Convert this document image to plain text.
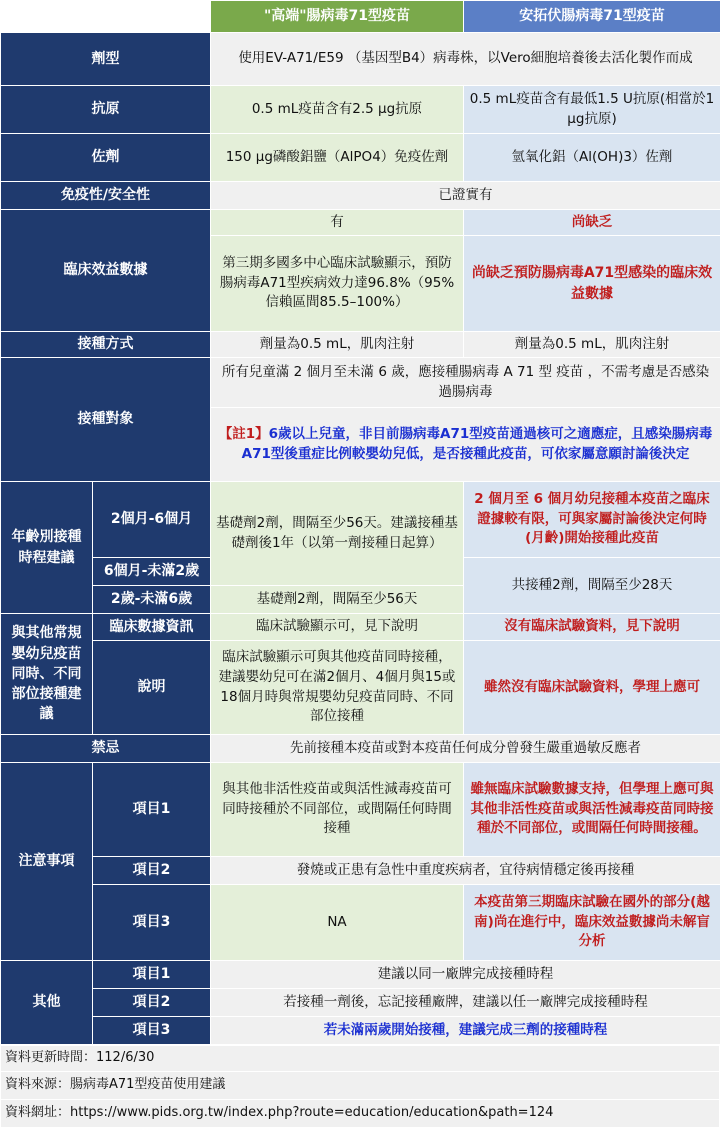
		"高端"腸病毒71型疫苗	安拓伏腸病毒71型疫苗
劑型		使用EV-A71/E59 （基因型B4）病毒株，以Vero細胞培養後去活化製作而成	
抗原		0.5 mL疫苗含有2.5 μg抗原	0.5 mL疫苗含有最低1.5 U抗原(相當於1 μg抗原)
佐劑		150 μg磷酸鋁鹽（AlPO4）免疫佐劑	氫氧化鋁（Al(OH)3）佐劑
免疫性/安全性		已證實有	
臨床效益數據		有	尚缺乏
		第三期多國多中心臨床試驗顯示，預防腸病毒A71型疾病效力達96.8%（95%信賴區間85.5–100%）	尚缺乏預防腸病毒A71型感染的臨床效益數據
接種方式		劑量為0.5 mL，肌肉注射	劑量為0.5 mL，肌肉注射
接種對象		所有兒童滿 2 個月至未滿 6 歲，應接種腸病毒 A 71 型 疫苗 ，不需考慮是否感染過腸病毒	
		【註1】6歲以上兒童，非目前腸病毒A71型疫苗通過核可之適應症，且感染腸病毒A71型後重症比例較嬰幼兒低，是否接種此疫苗，可依家屬意願討論後決定	
年齡別接種時程建議	2個月-6個月	基礎劑2劑，間隔至少56天。建議接種基礎劑後1年（以第一劑接種日起算）	2 個月至 6 個月幼兒接種本疫苗之臨床證據較有限，可與家屬討論後決定何時(月齡)開始接種此疫苗
	6個月-未滿2歲		共接種2劑，間隔至少28天
	2歲-未滿6歲	基礎劑2劑，間隔至少56天	
與其他常規嬰幼兒疫苗同時、不同部位接種建議	臨床數據資訊	臨床試驗顯示可，見下說明	沒有臨床試驗資料，見下說明
	說明	臨床試驗顯示可與其他疫苗同時接種，建議嬰幼兒可在滿2個月、4個月與15或18個月時與常規嬰幼兒疫苗同時、不同部位接種	雖然沒有臨床試驗資料，學理上應可
禁忌		先前接種本疫苗或對本疫苗任何成分曾發生嚴重過敏反應者	
注意事項	項目1	與其他非活性疫苗或與活性減毒疫苗可同時接種於不同部位，或間隔任何時間接種	雖無臨床試驗數據支持，但學理上應可與其他非活性疫苗或與活性減毒疫苗同時接種於不同部位，或間隔任何時間接種。
	項目2	發燒或正患有急性中重度疾病者，宜待病情穩定後再接種	
	項目3	NA	本疫苗第三期臨床試驗在國外的部分(越南)尚在進行中，臨床效益數據尚未解盲分析
其他	項目1	建議以同一廠牌完成接種時程	
	項目2	若接種一劑後，忘記接種廠牌，建議以任一廠牌完成接種時程	
	項目3	若未滿兩歲開始接種，建議完成三劑的接種時程	
資料更新時間：112/6/30
資料來源：腸病毒A71型疫苗使用建議
資料網址：https://www.pids.org.tw/index.php?route=education/education&path=124
